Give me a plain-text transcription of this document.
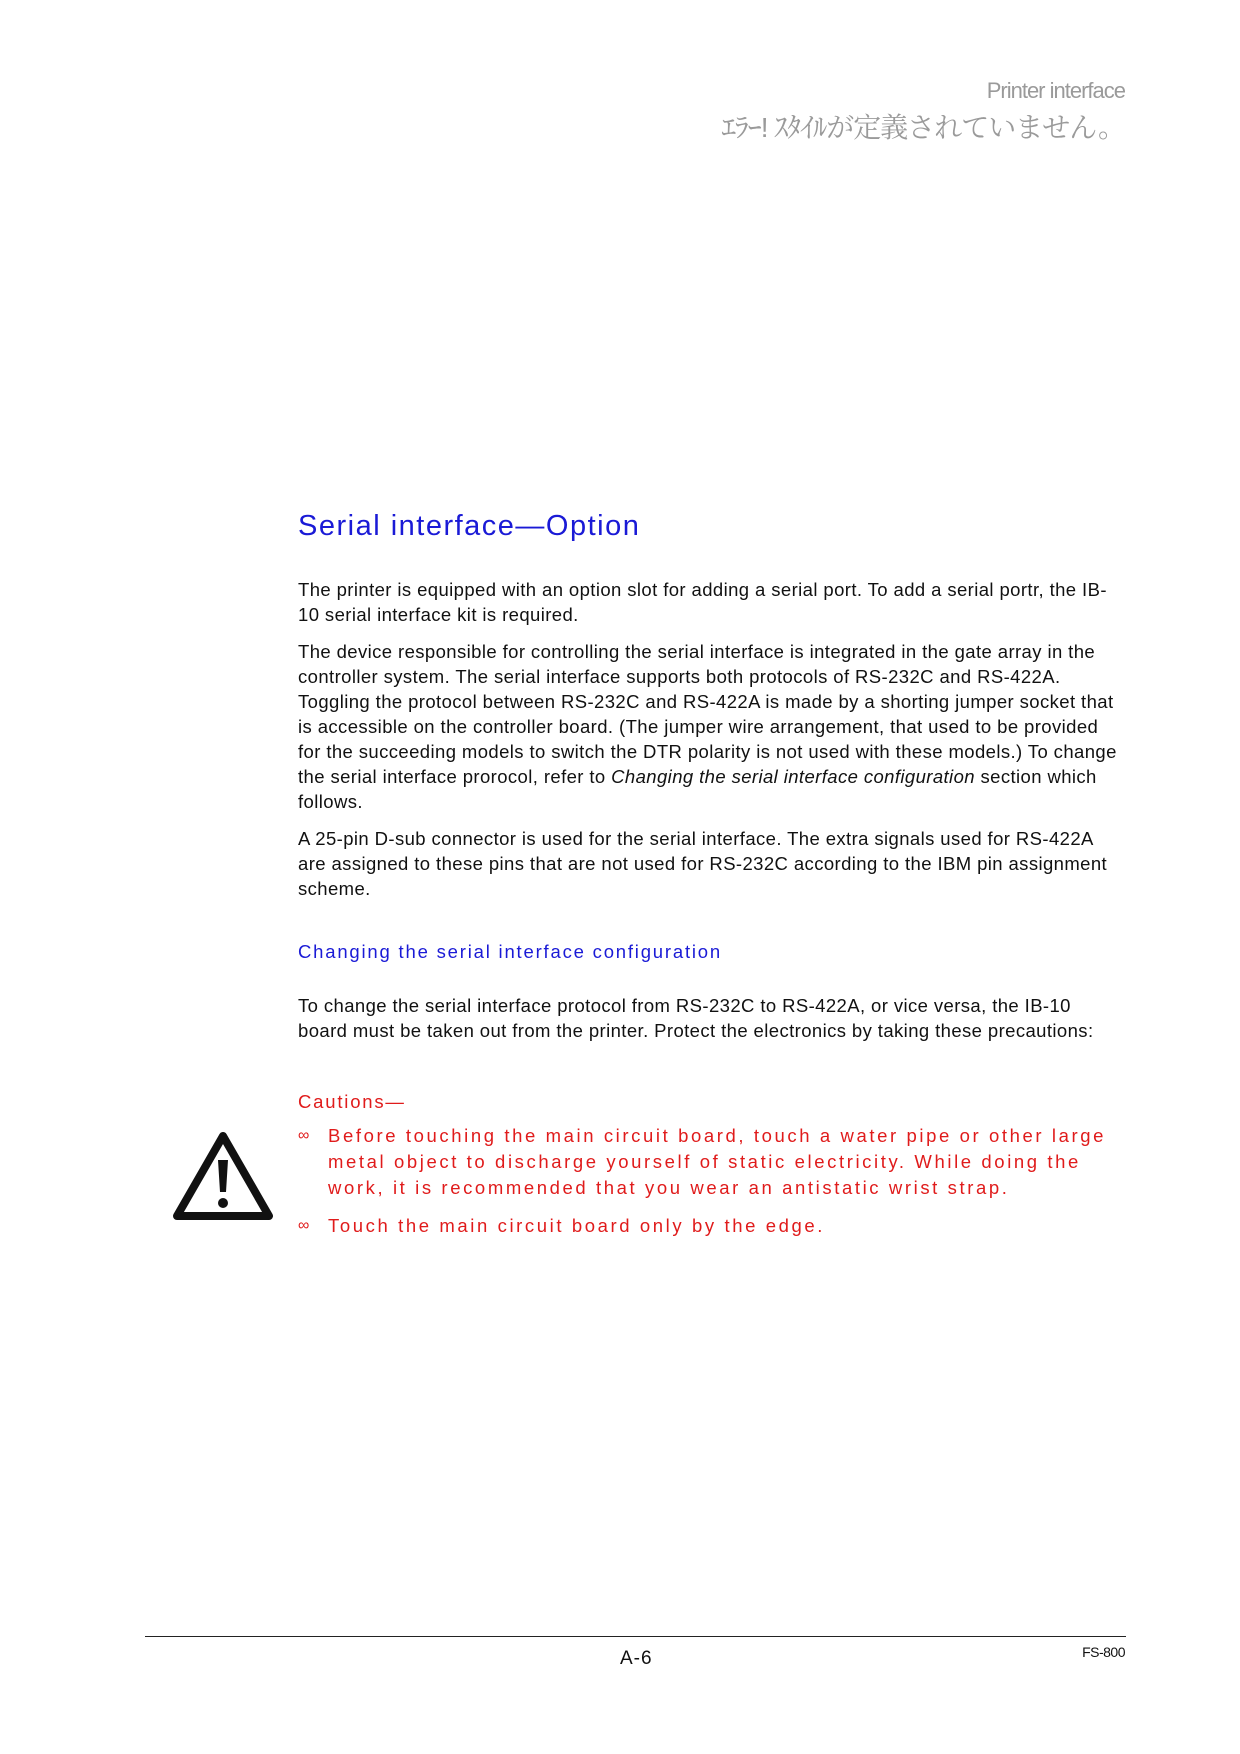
Printer interface
ｴﾗｰ! ｽﾀｲﾙが定義されていません。
Serial interface—Option

The printer is equipped with an option slot for adding a serial port. To add a serial portr, the IB-10 serial interface kit is required.

The device responsible for controlling the serial interface is integrated in the gate array in the controller system. The serial interface supports both protocols of RS-232C and RS-422A. Toggling the protocol between RS-232C and RS-422A is made by a shorting jumper socket that is accessible on the controller board. (The jumper wire arrangement, that used to be provided for the succeeding models to switch the DTR polarity is not used with these models.) To change the serial interface prorocol, refer to Changing the serial interface configuration section which follows.

A 25-pin D-sub connector is used for the serial interface. The extra signals used for RS-422A are assigned to these pins that are not used for RS-232C according to the IBM pin assignment scheme.

Changing the serial interface configuration

To change the serial interface protocol from RS-232C to RS-422A, or vice versa, the IB-10 board must be taken out from the printer. Protect the electronics by taking these precautions:

Cautions—
∞ Before touching the main circuit board, touch a water pipe or other large metal object to discharge yourself of static electricity. While doing the work, it is recommended that you wear an antistatic wrist strap.
∞ Touch the main circuit board only by the edge.
A-6	FS-800
